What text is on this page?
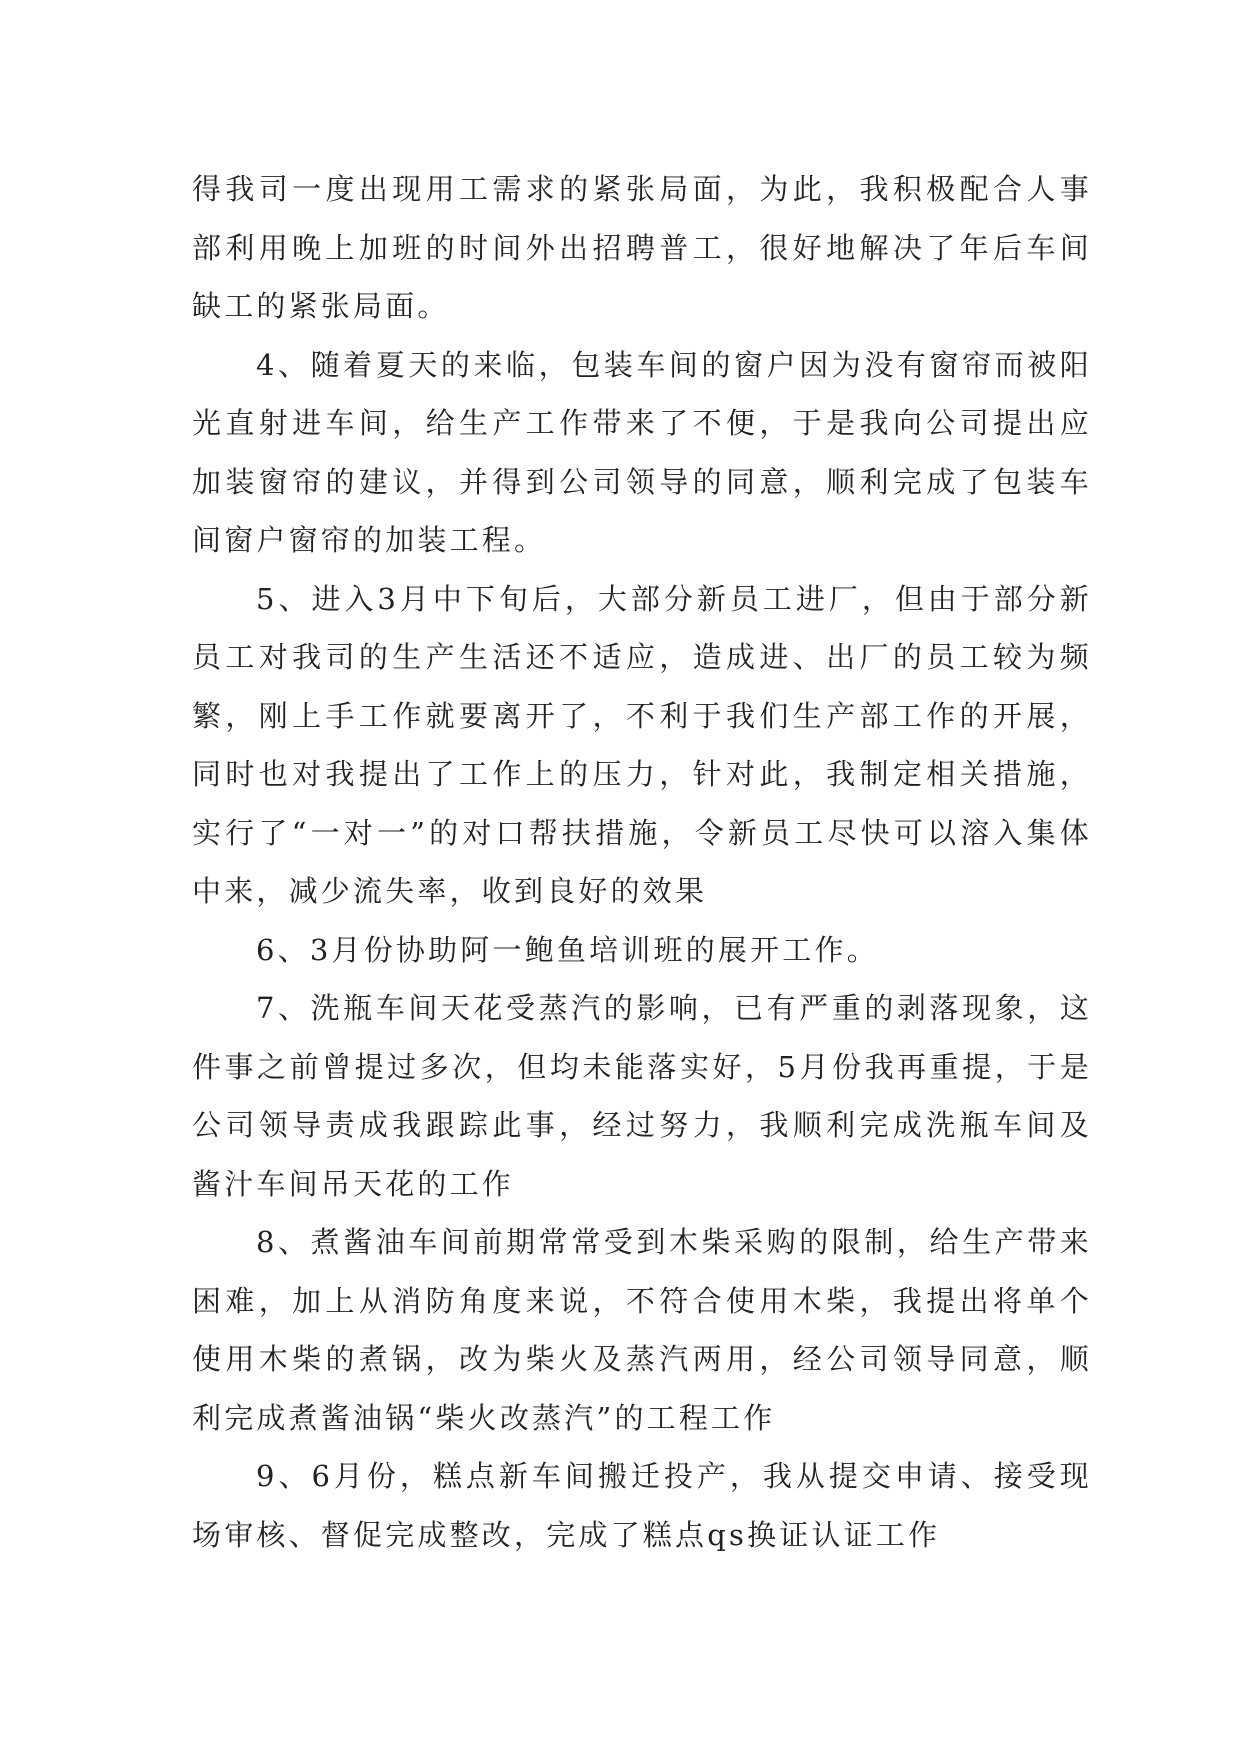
得我司一度出现用工需求的紧张局面，为此，我积极配合人事部利用晚上加班的时间外出招聘普工，很好地解决了年后车间缺工的紧张局面。

4、随着夏天的来临，包装车间的窗户因为没有窗帘而被阳光直射进车间，给生产工作带来了不便，于是我向公司提出应加装窗帘的建议，并得到公司领导的同意，顺利完成了包装车间窗户窗帘的加装工程。

5、进入3月中下旬后，大部分新员工进厂，但由于部分新员工对我司的生产生活还不适应，造成进、出厂的员工较为频繁，刚上手工作就要离开了，不利于我们生产部工作的开展，同时也对我提出了工作上的压力，针对此，我制定相关措施，实行了“一对一”的对口帮扶措施，令新员工尽快可以溶入集体中来，减少流失率，收到良好的效果

6、3月份协助阿一鲍鱼培训班的展开工作。

7、洗瓶车间天花受蒸汽的影响，已有严重的剥落现象，这件事之前曾提过多次，但均未能落实好，5月份我再重提，于是公司领导责成我跟踪此事，经过努力，我顺利完成洗瓶车间及酱汁车间吊天花的工作

8、煮酱油车间前期常常受到木柴采购的限制，给生产带来困难，加上从消防角度来说，不符合使用木柴，我提出将单个使用木柴的煮锅，改为柴火及蒸汽两用，经公司领导同意，顺利完成煮酱油锅“柴火改蒸汽”的工程工作

9、6月份，糕点新车间搬迁投产，我从提交申请、接受现场审核、督促完成整改，完成了糕点qs换证认证工作
